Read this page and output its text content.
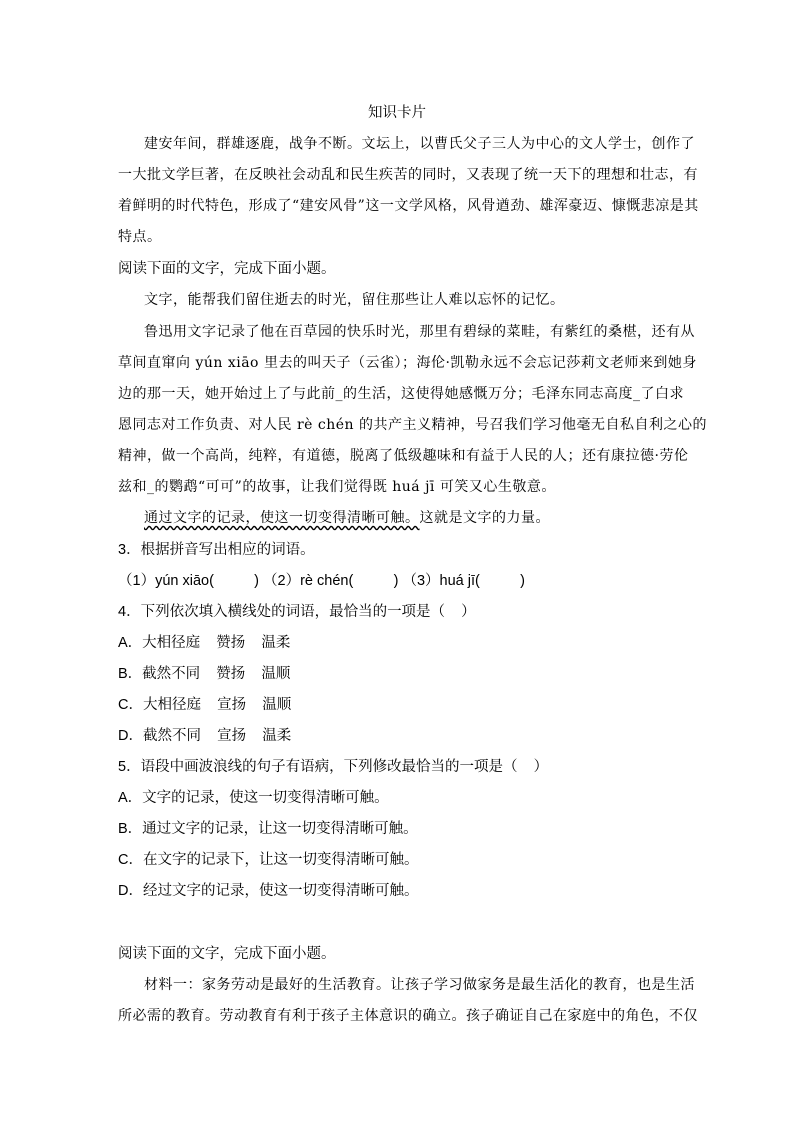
知识卡片
建安年间，群雄逐鹿，战争不断。文坛上，以曹氏父子三人为中心的文人学士，创作了
一大批文学巨著，在反映社会动乱和民生疾苦的同时，又表现了统一天下的理想和壮志，有
着鲜明的时代特色，形成了“建安风骨”这一文学风格，风骨遒劲、雄浑豪迈、慷慨悲凉是其
特点。
阅读下面的文字，完成下面小题。
文字，能帮我们留住逝去的时光，留住那些让人难以忘怀的记忆。
鲁迅用文字记录了他在百草园的快乐时光，那里有碧绿的菜畦，有紫红的桑椹，还有从
草间直窜向 yún xiāo 里去的叫天子（云雀）；海伦·凯勒永远不会忘记莎莉文老师来到她身
边的那一天，她开始过上了与此前_的生活，这使得她感慨万分；毛泽东同志高度_了白求
恩同志对工作负责、对人民 rè chén 的共产主义精神，号召我们学习他毫无自私自利之心的
精神，做一个高尚，纯粹，有道德，脱离了低级趣味和有益于人民的人；还有康拉德·劳伦
兹和_的鹦鹉“可可”的故事，让我们觉得既 huá jī 可笑又心生敬意。
通过文字的记录，使这一切变得清晰可触。这就是文字的力量。
3．根据拼音写出相应的词语。
（1）yún xiāo(          ) （2）rè chén(          ) （3）huá jī(          )
4．下列依次填入横线处的词语，最恰当的一项是（    ）
A．大相径庭    赞扬    温柔
B．截然不同    赞扬    温顺
C．大相径庭    宣扬    温顺
D．截然不同    宣扬    温柔
5．语段中画波浪线的句子有语病，下列修改最恰当的一项是（    ）
A．文字的记录，使这一切变得清晰可触。
B．通过文字的记录，让这一切变得清晰可触。
C．在文字的记录下，让这一切变得清晰可触。
D．经过文字的记录，使这一切变得清晰可触。
阅读下面的文字，完成下面小题。
材料一：家务劳动是最好的生活教育。让孩子学习做家务是最生活化的教育，也是生活
所必需的教育。劳动教育有利于孩子主体意识的确立。孩子确证自己在家庭中的角色，不仅
